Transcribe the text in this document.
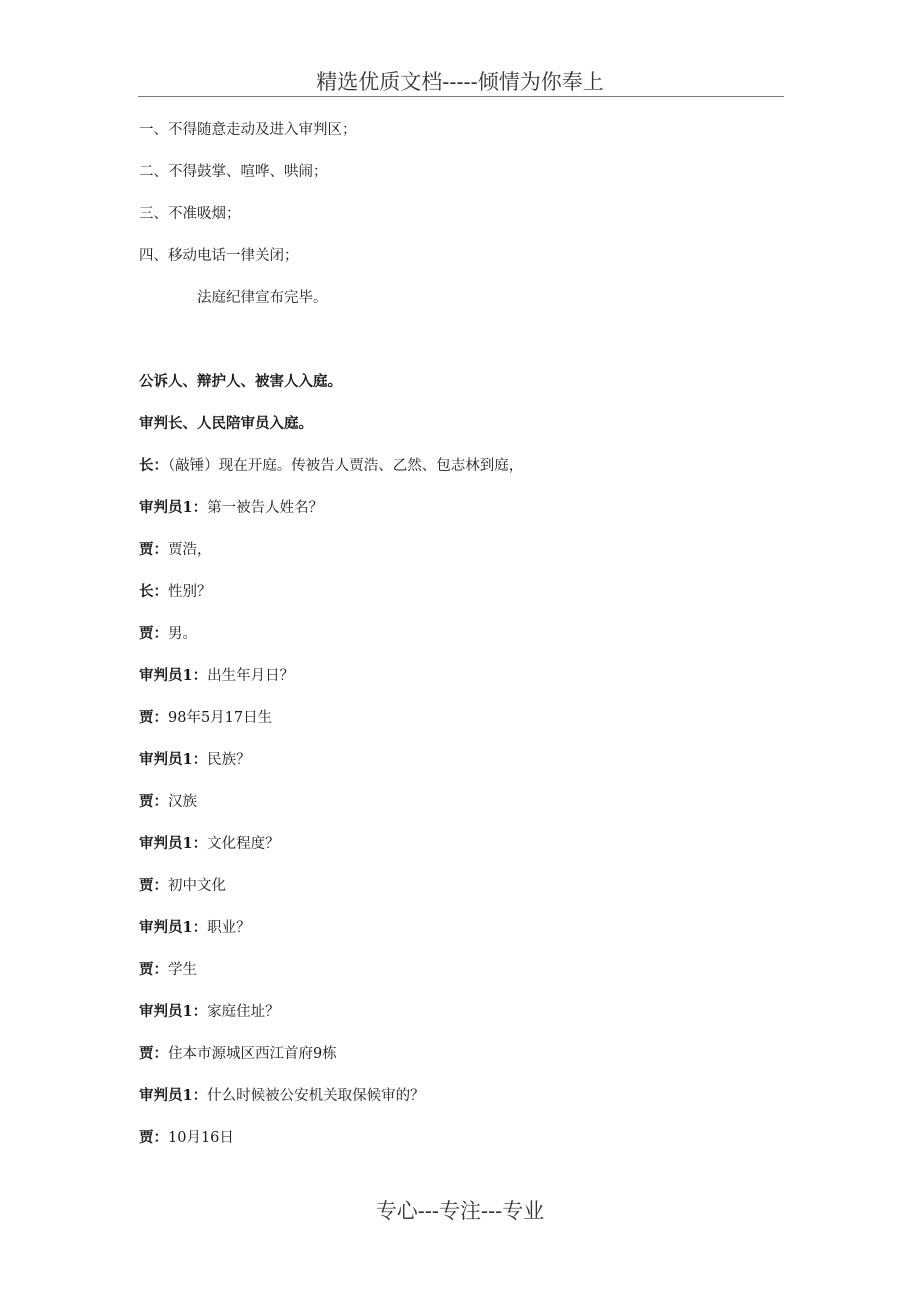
精选优质文档-----倾情为你奉上
一、不得随意走动及进入审判区；
二、不得鼓掌、喧哗、哄闹；
三、不准吸烟；
四、移动电话一律关闭；
法庭纪律宣布完毕。
公诉人、辩护人、被害人入庭。
审判长、人民陪审员入庭。
长：（敲锤）现在开庭。传被告人贾浩、乙然、包志林到庭，
审判员1：第一被告人姓名？
贾：贾浩，
长：性别？
贾：男。
审判员1：出生年月日？
贾：98年5月17日生
审判员1：民族？
贾：汉族
审判员1：文化程度？
贾：初中文化
审判员1：职业？
贾：学生
审判员1：家庭住址？
贾：住本市源城区西江首府9栋
审判员1：什么时候被公安机关取保候审的？
贾：10月16日
专心---专注---专业
